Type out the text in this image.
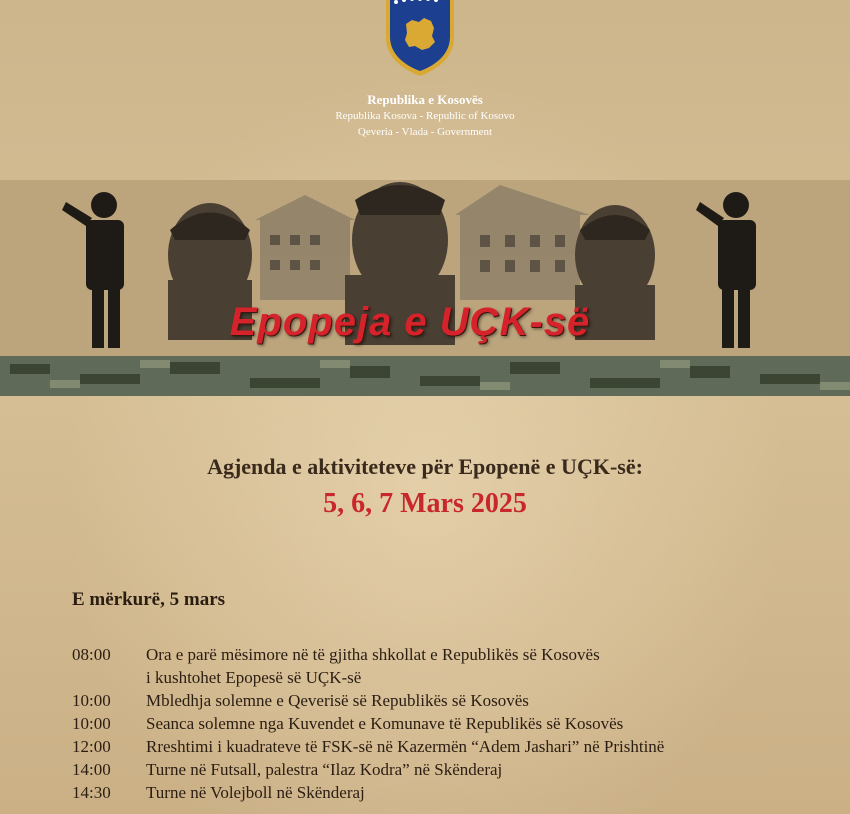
Republika e Kosovës
Republika Kosova - Republic of Kosovo
Qeveria - Vlada - Government
Epopeja e UÇK-së
Agjenda e aktiviteteve për Epopenë e UÇK-së:
5, 6, 7 Mars 2025
E mërkurë, 5 mars
08:00	Ora e parë mësimore në të gjitha shkollat e Republikës së Kosovës
i kushtohet Epopesë së UÇK-së
10:00	Mbledhja solemne e Qeverisë së Republikës së Kosovës
10:00	Seanca solemne nga Kuvendet e Komunave të Republikës së Kosovës
12:00	Rreshtimi i kuadrateve të FSK-së në Kazermën “Adem Jashari” në Prishtinë
14:00	Turne në Futsall, palestra “Ilaz Kodra” në Skënderaj
14:30	Turne në Volejboll në Skënderaj
